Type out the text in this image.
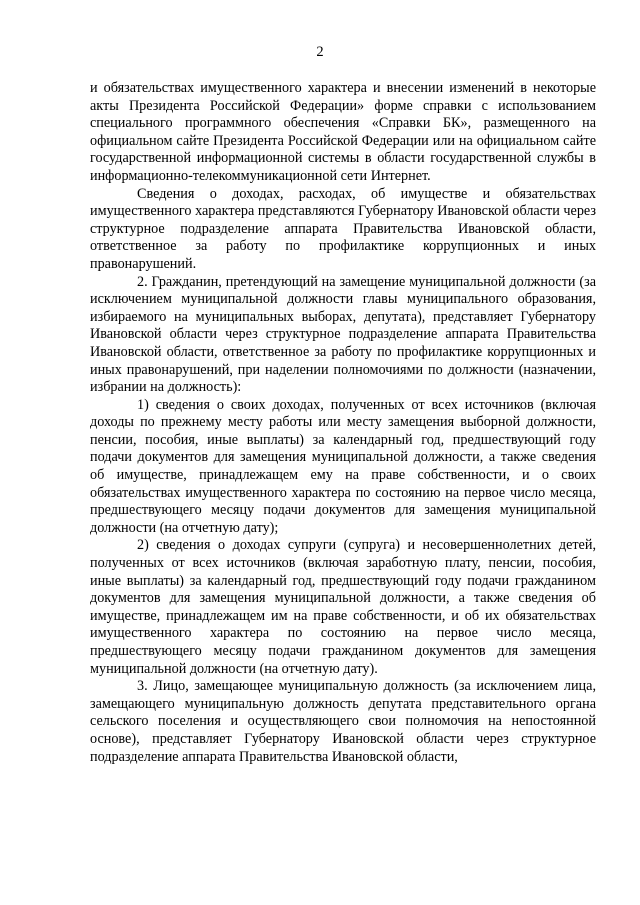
2

и обязательствах имущественного характера и внесении изменений в некоторые акты Президента Российской Федерации» форме справки с использованием специального программного обеспечения «Справки БК», размещенного на официальном сайте Президента Российской Федерации или на официальном сайте государственной информационной системы в области государственной службы в информационно-телекоммуникационной сети Интернет.

Сведения о доходах, расходах, об имуществе и обязательствах имущественного характера представляются Губернатору Ивановской области через структурное подразделение аппарата Правительства Ивановской области, ответственное за работу по профилактике коррупционных и иных правонарушений.

2. Гражданин, претендующий на замещение муниципальной должности (за исключением муниципальной должности главы муниципального образования, избираемого на муниципальных выборах, депутата), представляет Губернатору Ивановской области через структурное подразделение аппарата Правительства Ивановской области, ответственное за работу по профилактике коррупционных и иных правонарушений, при наделении полномочиями по должности (назначении, избрании на должность):

1) сведения о своих доходах, полученных от всех источников (включая доходы по прежнему месту работы или месту замещения выборной должности, пенсии, пособия, иные выплаты) за календарный год, предшествующий году подачи документов для замещения муниципальной должности, а также сведения об имуществе, принадлежащем ему на праве собственности, и о своих обязательствах имущественного характера по состоянию на первое число месяца, предшествующего месяцу подачи документов для замещения муниципальной должности (на отчетную дату);

2) сведения о доходах супруги (супруга) и несовершеннолетних детей, полученных от всех источников (включая заработную плату, пенсии, пособия, иные выплаты) за календарный год, предшествующий году подачи гражданином документов для замещения муниципальной должности, а также сведения об имуществе, принадлежащем им на праве собственности, и об их обязательствах имущественного характера по состоянию на первое число месяца, предшествующего месяцу подачи гражданином документов для замещения муниципальной должности (на отчетную дату).

3. Лицо, замещающее муниципальную должность (за исключением лица, замещающего муниципальную должность депутата представительного органа сельского поселения и осуществляющего свои полномочия на непостоянной основе), представляет Губернатору Ивановской области через структурное подразделение аппарата Правительства Ивановской области,
